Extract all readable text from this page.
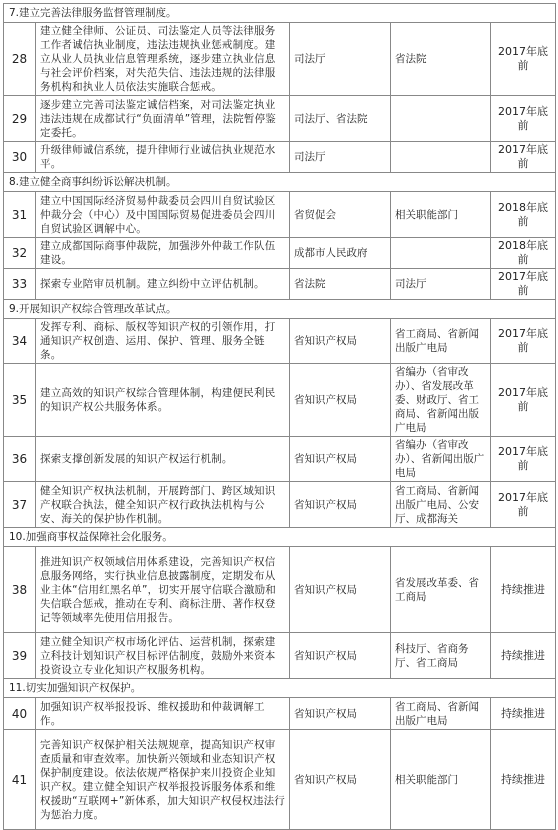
7.建立完善法律服务监督管理制度。				
28	建立健全律师、公证员、司法鉴定人员等法律服务工作者诚信执业制度，违法违规执业惩戒制度。建立从业人员执业信息管理系统，逐步建立执业信息与社会评价档案，对失范失信、违法违规的法律服务机构和执业人员依法实施联合惩戒。	司法厅	省法院	2017年底前
29	逐步建立完善司法鉴定诚信档案，对司法鉴定执业违法违规在成都试行“负面清单”管理，法院暂停鉴定委托。	司法厅、省法院		2017年底前
30	升级律师诚信系统，提升律师行业诚信执业规范水平。	司法厅		2017年底前
8.建立健全商事纠纷诉讼解决机制。				
31	建立中国国际经济贸易仲裁委员会四川自贸试验区仲裁分会（中心）及中国国际贸易促进委员会四川自贸试验区调解中心。	省贸促会	相关职能部门	2018年底前
32	建立成都国际商事仲裁院，加强涉外仲裁工作队伍建设。	成都市人民政府		2018年底前
33	探索专业陪审员机制。建立纠纷中立评估机制。	省法院	司法厅	2017年底前
9.开展知识产权综合管理改革试点。				
34	发挥专利、商标、版权等知识产权的引领作用，打通知识产权创造、运用、保护、管理、服务全链条。	省知识产权局	省工商局、省新闻出版广电局	2017年底前
35	建立高效的知识产权综合管理体制，构建便民利民的知识产权公共服务体系。	省知识产权局	省编办（省审改办）、省发展改革委、财政厅、省工商局、省新闻出版广电局	2017年底前
36	探索支撑创新发展的知识产权运行机制。	省知识产权局	省编办（省审改办）、省新闻出版广电局	2017年底前
37	健全知识产权执法机制，开展跨部门、跨区域知识产权联合执法，健全知识产权行政执法机构与公安、海关的保护协作机制。	省知识产权局	省工商局、省新闻出版广电局、公安厅、成都海关	2017年底前
10.加强商事权益保障社会化服务。				
38	推进知识产权领域信用体系建设，完善知识产权信息服务网络，实行执业信息披露制度，定期发布从业主体“信用红黑名单”，切实开展守信联合激励和失信联合惩戒，推动在专利、商标注册、著作权登记等领域率先使用信用报告。	省知识产权局	省发展改革委、省工商局	持续推进
39	建立健全知识产权市场化评估、运营机制，探索建立科技计划知识产权目标评估制度，鼓励外来资本投资设立专业化知识产权服务机构。	省知识产权局	科技厅、省商务厅、省工商局	持续推进
11.切实加强知识产权保护。				
40	加强知识产权举报投诉、维权援助和仲裁调解工作。	省知识产权局	省工商局、省新闻出版广电局	持续推进
41	完善知识产权保护相关法规规章，提高知识产权审查质量和审查效率。加快新兴领域和业态知识产权保护制度建设。依法依规严格保护来川投资企业知识产权。建立健全知识产权举报投诉服务体系和维权援助“互联网+”新体系，加大知识产权侵权违法行为惩治力度。	省知识产权局	相关职能部门	持续推进
